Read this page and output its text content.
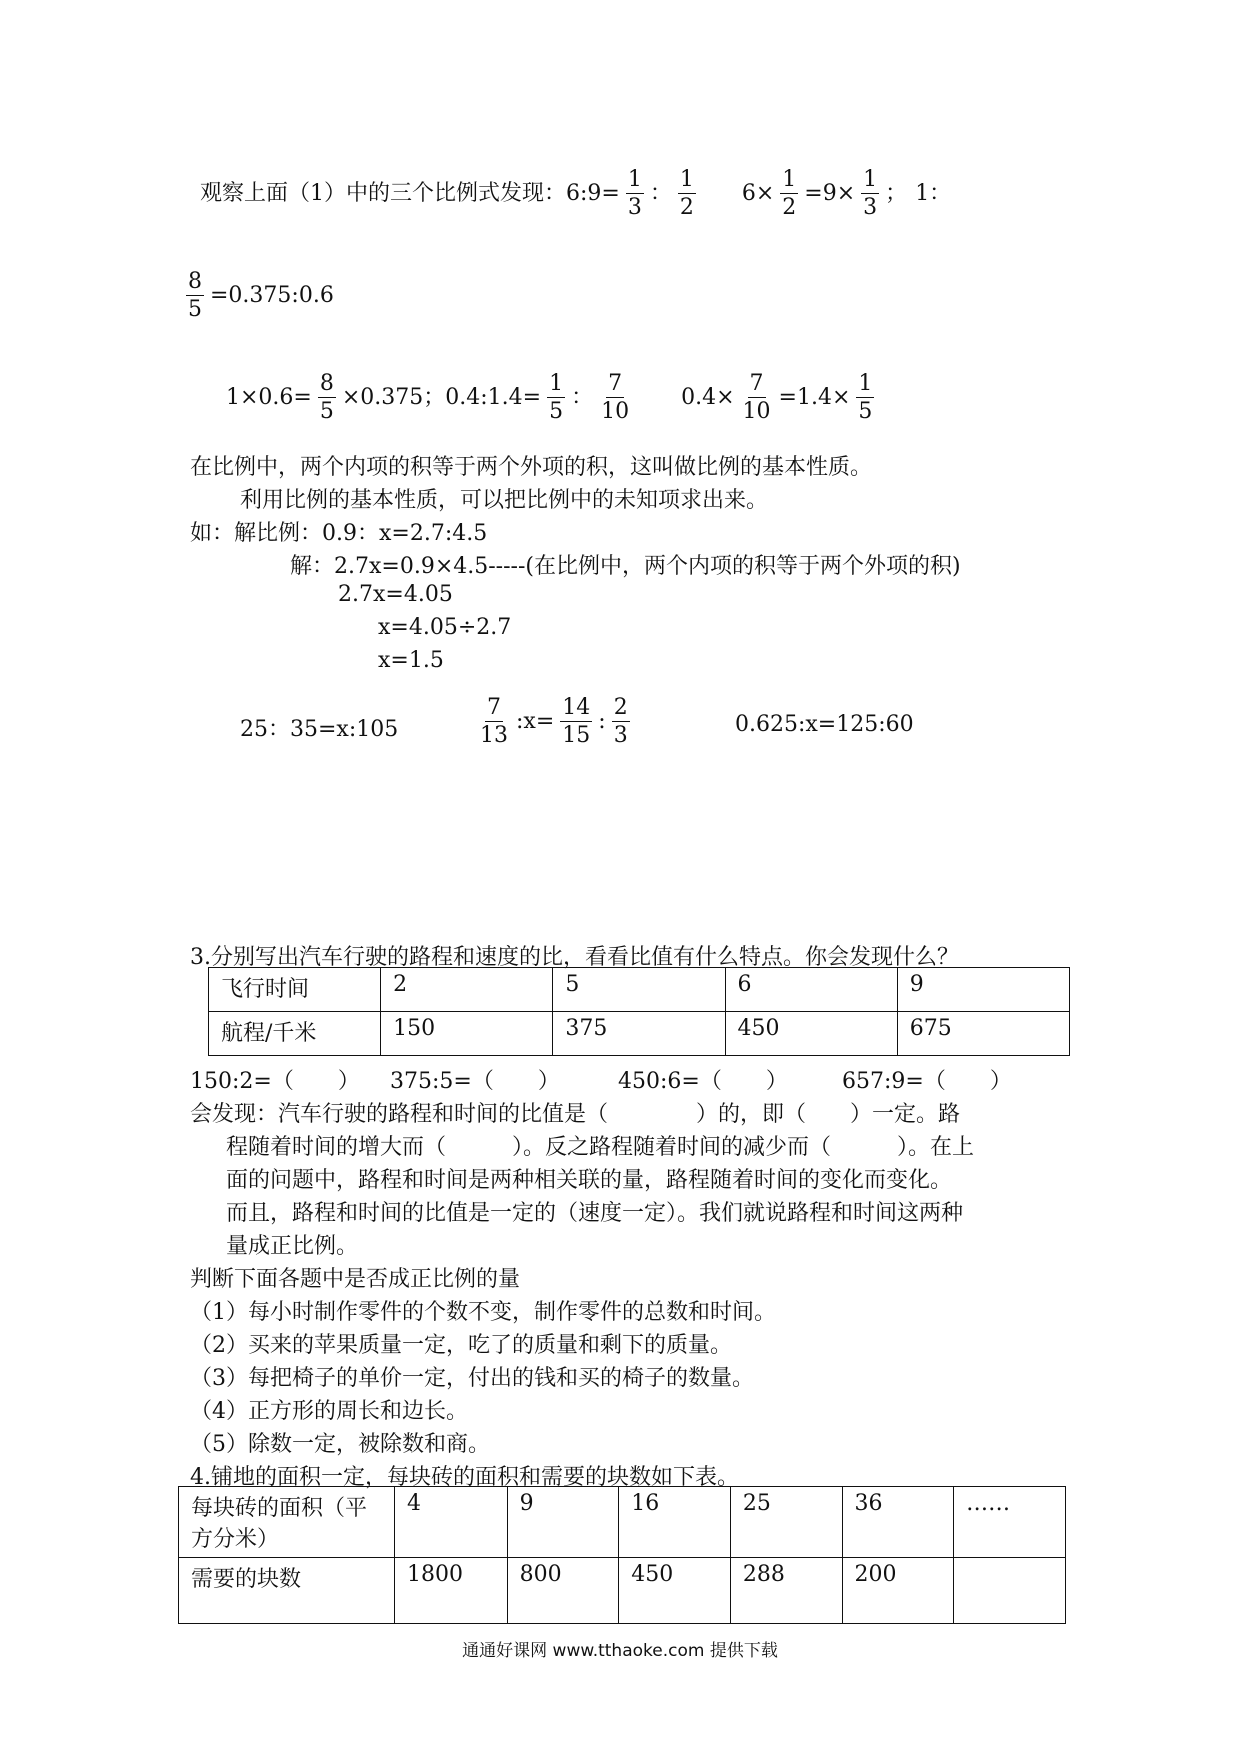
观察上面（1）中的三个比例式发现：6:9= $\frac{1}{3}$ ： $\frac{1}{2} 6\times \frac{1}{2} =9\times \frac{1}{3}$ ； 1：
$\frac{8}{5}$ =0.375:0.6
$1\times 0.6= \frac{8}{5} \times 0.375$；0.4:1.4= $\frac{1}{5}$ ： $\frac{7}{10} 0.4\times \frac{7}{10} =1.4\times \frac{1}{5}$
在比例中，两个内项的积等于两个外项的积，这叫做比例的基本性质。
利用比例的基本性质，可以把比例中的未知项求出来。
如：解比例：0.9：x=2.7:4.5
解：2.7x=0.9×4.5-----(在比例中，两个内项的积等于两个外项的积)
2.7x=4.05
x=4.05÷2.7
x=1.5
25：35=x:105	$\frac{7}{13}$ :x= $\frac{14}{15}$ : $\frac{2}{3}$	0.625:x=125:60
3.分别写出汽车行驶的路程和速度的比，看看比值有什么特点。你会发现什么？
飞行时间	2	5	6	9
航程/千米	150	375	450	675
150:2=（　　） 375:5=（　　）	450:6=（　　） 657:9=（　　）
会发现：汽车行驶的路程和时间的比值是（　　　　）的，即（　　）一定。路
程随着时间的增大而（　　　）。反之路程随着时间的减少而（　　　）。在上
面的问题中，路程和时间是两种相关联的量，路程随着时间的变化而变化。
而且，路程和时间的比值是一定的（速度一定）。我们就说路程和时间这两种
量成正比例。
判断下面各题中是否成正比例的量
（1）每小时制作零件的个数不变，制作零件的总数和时间。
（2）买来的苹果质量一定，吃了的质量和剩下的质量。
（3）每把椅子的单价一定，付出的钱和买的椅子的数量。
（4）正方形的周长和边长。
（5）除数一定，被除数和商。
4.铺地的面积一定，每块砖的面积和需要的块数如下表。
每块砖的面积（平方分米）	4	9	16	25	36	……
需要的块数	1800	800	450	288	200	
通通好课网 www.tthaoke.com 提供下载
